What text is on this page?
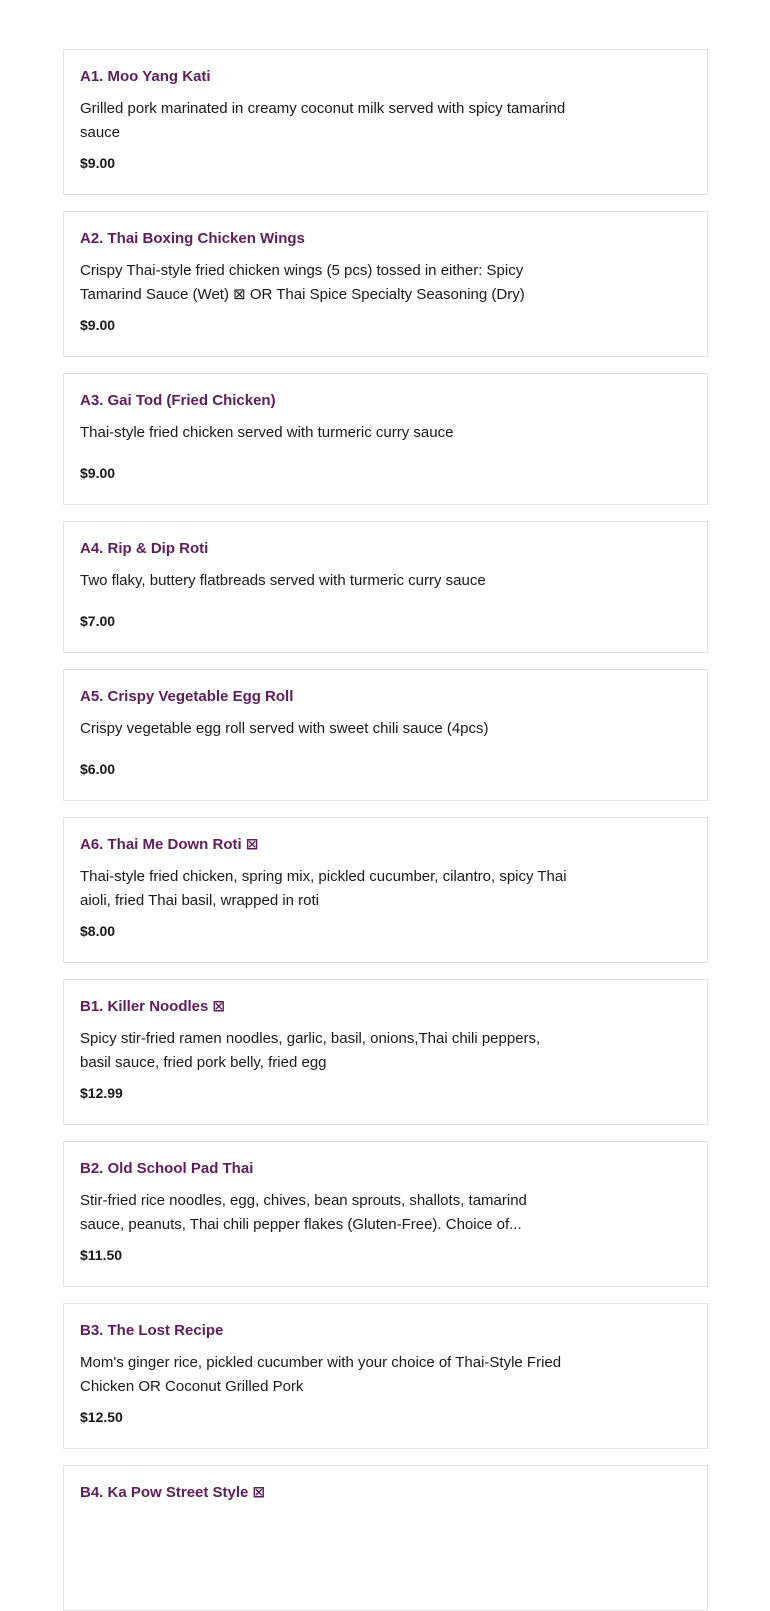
A1. Moo Yang Kati

Grilled pork marinated in creamy coconut milk served with spicy tamarind sauce

$9.00
A2. Thai Boxing Chicken Wings

Crispy Thai-style fried chicken wings (5 pcs) tossed in either: Spicy Tamarind Sauce (Wet) ⊠ OR Thai Spice Specialty Seasoning (Dry)

$9.00
A3. Gai Tod (Fried Chicken)

Thai-style fried chicken served with turmeric curry sauce

$9.00
A4. Rip & Dip Roti

Two flaky, buttery flatbreads served with turmeric curry sauce

$7.00
A5. Crispy Vegetable Egg Roll

Crispy vegetable egg roll served with sweet chili sauce (4pcs)

$6.00
A6. Thai Me Down Roti ⊠

Thai-style fried chicken, spring mix, pickled cucumber, cilantro, spicy Thai aioli, fried Thai basil, wrapped in roti

$8.00
B1. Killer Noodles ⊠

Spicy stir-fried ramen noodles, garlic, basil, onions,Thai chili peppers, basil sauce, fried pork belly, fried egg

$12.99
B2. Old School Pad Thai

Stir-fried rice noodles, egg, chives, bean sprouts, shallots, tamarind sauce, peanuts, Thai chili pepper flakes (Gluten-Free). Choice of...

$11.50
B3. The Lost Recipe

Mom's ginger rice, pickled cucumber with your choice of Thai-Style Fried Chicken OR Coconut Grilled Pork

$12.50
B4. Ka Pow Street Style ⊠
